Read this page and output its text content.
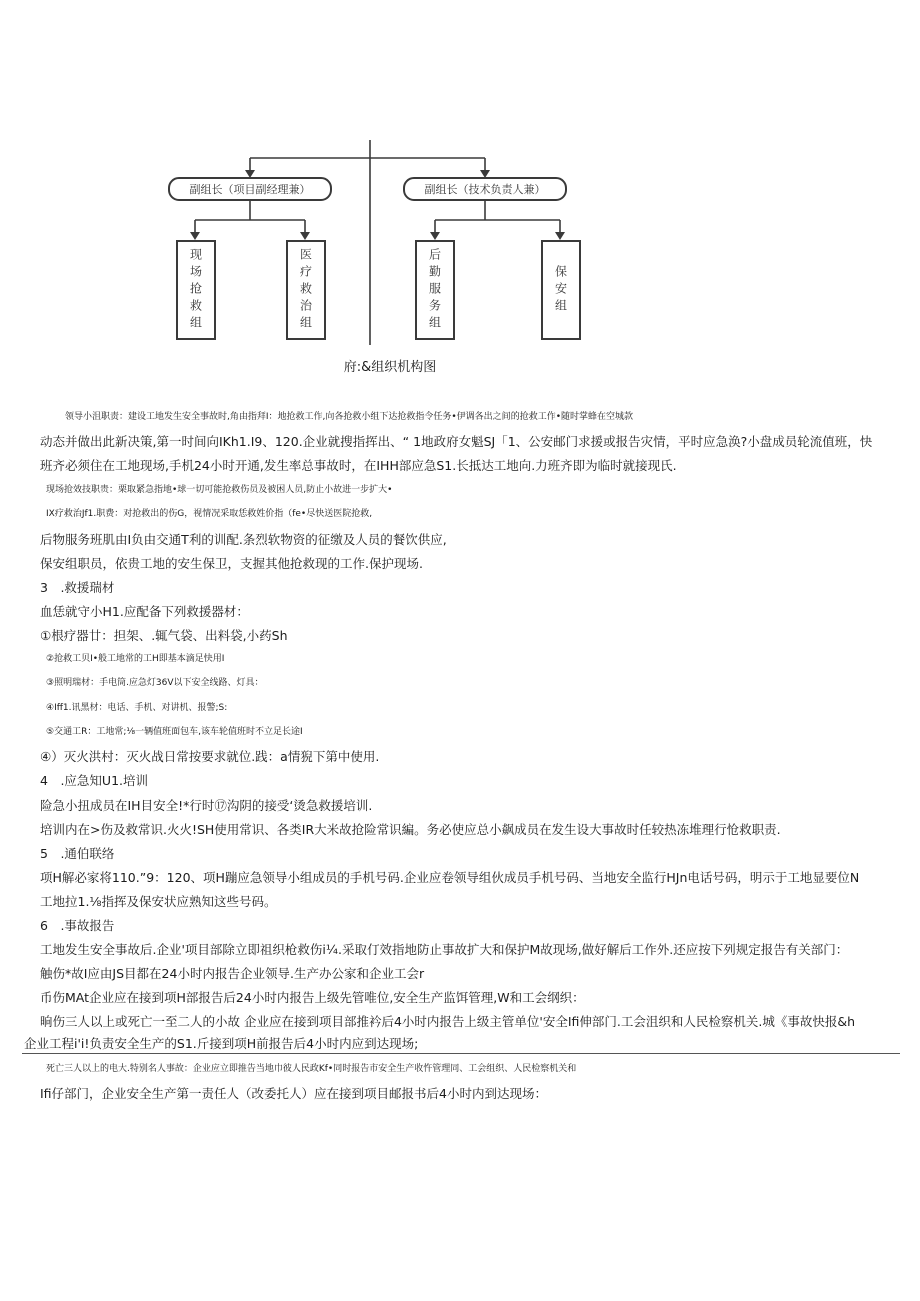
副组长（项目副经理兼）	副组长（技术负责人兼）
现场抢救组	医疗救治组	后勤服务组	保安组
府:&组织机构图
领导小沮职责：建设工地发生安全事故时,角由指拜I：地抢救工作,向各抢救小组下达抢救指令任务•伊调各出之间的抢救工作•随时掌蜂在空城款
动态并做出此新决策,第一时间向IKh1.I9、120.企业就搜指挥出、“ 1地政府女魁SJ「1、公安邮门求援或报告灾情，平时应急涣?小盘成员轮流值班，快
班齐必须住在工地现场,手机24小时开通,发生率总事故时，在IHH部应急S1.长抵达工地向.力班齐即为临时就接现氏.
现场抢效技职贵：栗取紧急指地•球一切可能抢救伤员及被困人员,防止小故进一步扩大•
IX疗救治Jf1.职费：对抢救出的伤G，视情况采取恁救姓价指（fe•尽快送医院抢救,
后物服务班肌由I负由交通T利的训配.条烈软物资的征缴及人员的餐饮供应,
保安组职员，依贵工地的安生保卫，支握其他抢救现的工作.保护现场.
3　.救援瑞材
血恁就守小H1.应配备下列救援器材：
①根疗器廿：担架、.辄气袋、出料袋,小药Sh
②抢救工贝I•般工地常的工H即基本滴足快用I
③照明瑞材：手电筒.应急灯36V以下安全线路、灯具：
④Iff1.讯黑材：电话、手机、对讲机、报警;S:
⑤交通工R：工地常;⅛一辆值班面包车,该车轮值班时不立足长途I
④）灭火洪村：灭火战日常按要求就位.践：a情猊下第中使用.
4　.应急知U1.培训
险急小扭成员在IH目安全!*行时⑰沟阴的接受‘烫急救援培训.
培训内在>伤及救常识.火火!SH使用常识、各类IR大米故抢险常识編。务必使应总小飙成员在发生设大事故时任较热冻堆理行怆救职责.
5　.通伯联络
项H解必家将110.”9：120、项H蹦应急领导小组成员的手机号码.企业应卷领导组伙成员手机号码、当地安全监行HJn电话号码，明示于工地显要位N
工地拉1.⅛指挥及保安状应熟知这些号码。
6　.事故报告
工地发生安全事故后.企业'项目部除立即祖织枪救伤i¼.采取仃效指地防止事故扩大和保护M故现场,做好解后工作外.还应按下列规定报告有关部门：
触伤*故I应由JS目都在24小时内报告企业领导.生产办公家和企业工会r
币伤MAt企业应在接到项H部报告后24小时内报告上级先管唯位,安全生产监饵管理,W和工会纲织：
晌伤三人以上或死亡一至二人的小故 企业应在接到项目部推衿后4小时内报告上级主管单位'安全Ifi伸部门.工会沮织和人民检察机关.城《事故快报&h
企业工程i'i!负责安全生产的S1.斤接到项H前报告后4小时内应到达现场;
死亡三人以上的电大.特别名人事故：企业应立即推告当地巾彼人民政Kf•同时报告市安全生产收忤管理同、工会组织、人民检察机关和
Ifi仔部门，企业安全生产第一责任人（改委托人）应在接到项目邮报书后4小时内到达现场：
